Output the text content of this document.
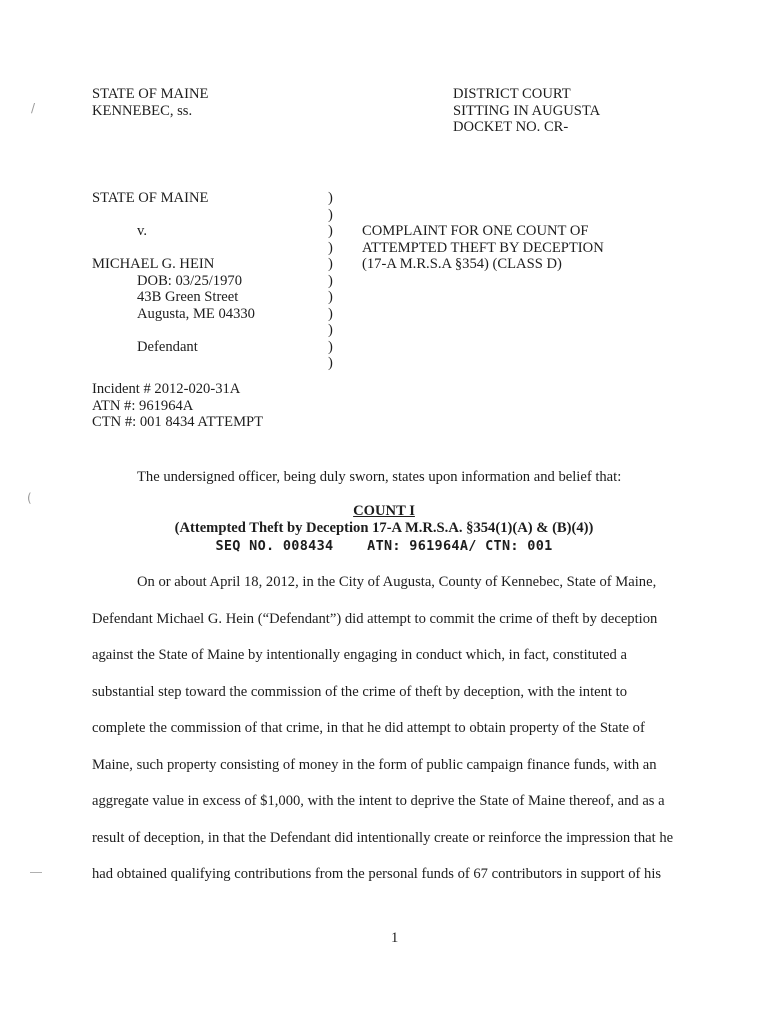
STATE OF MAINE
KENNEBEC, ss.
DISTRICT COURT
SITTING IN AUGUSTA
DOCKET NO. CR-
STATE OF MAINE
v.
MICHAEL G. HEIN
DOB: 03/25/1970
43B Green Street
Augusta, ME 04330
Defendant
)
)
)
)
)
)
)
)
)
)
)
COMPLAINT FOR ONE COUNT OF
ATTEMPTED THEFT BY DECEPTION
(17-A M.R.S.A §354) (CLASS D)
Incident # 2012-020-31A
ATN #: 961964A
CTN #: 001 8434 ATTEMPT
The undersigned officer, being duly sworn, states upon information and belief that:
COUNT I
(Attempted Theft by Deception 17-A M.R.S.A. §354(1)(A) & (B)(4))
SEQ NO. 008434    ATN: 961964A/ CTN: 001
On or about April 18, 2012, in the City of Augusta, County of Kennebec, State of Maine,
Defendant Michael G. Hein (“Defendant”) did attempt to commit the crime of theft by deception
against the State of Maine by intentionally engaging in conduct which, in fact, constituted a
substantial step toward the commission of the crime of theft by deception, with the intent to
complete the commission of that crime, in that he did attempt to obtain property of the State of
Maine, such property consisting of money in the form of public campaign finance funds, with an
aggregate value in excess of $1,000, with the intent to deprive the State of Maine thereof, and as a
result of deception, in that the Defendant did intentionally create or reinforce the impression that he
had obtained qualifying contributions from the personal funds of 67 contributors in support of his
1
/
(
